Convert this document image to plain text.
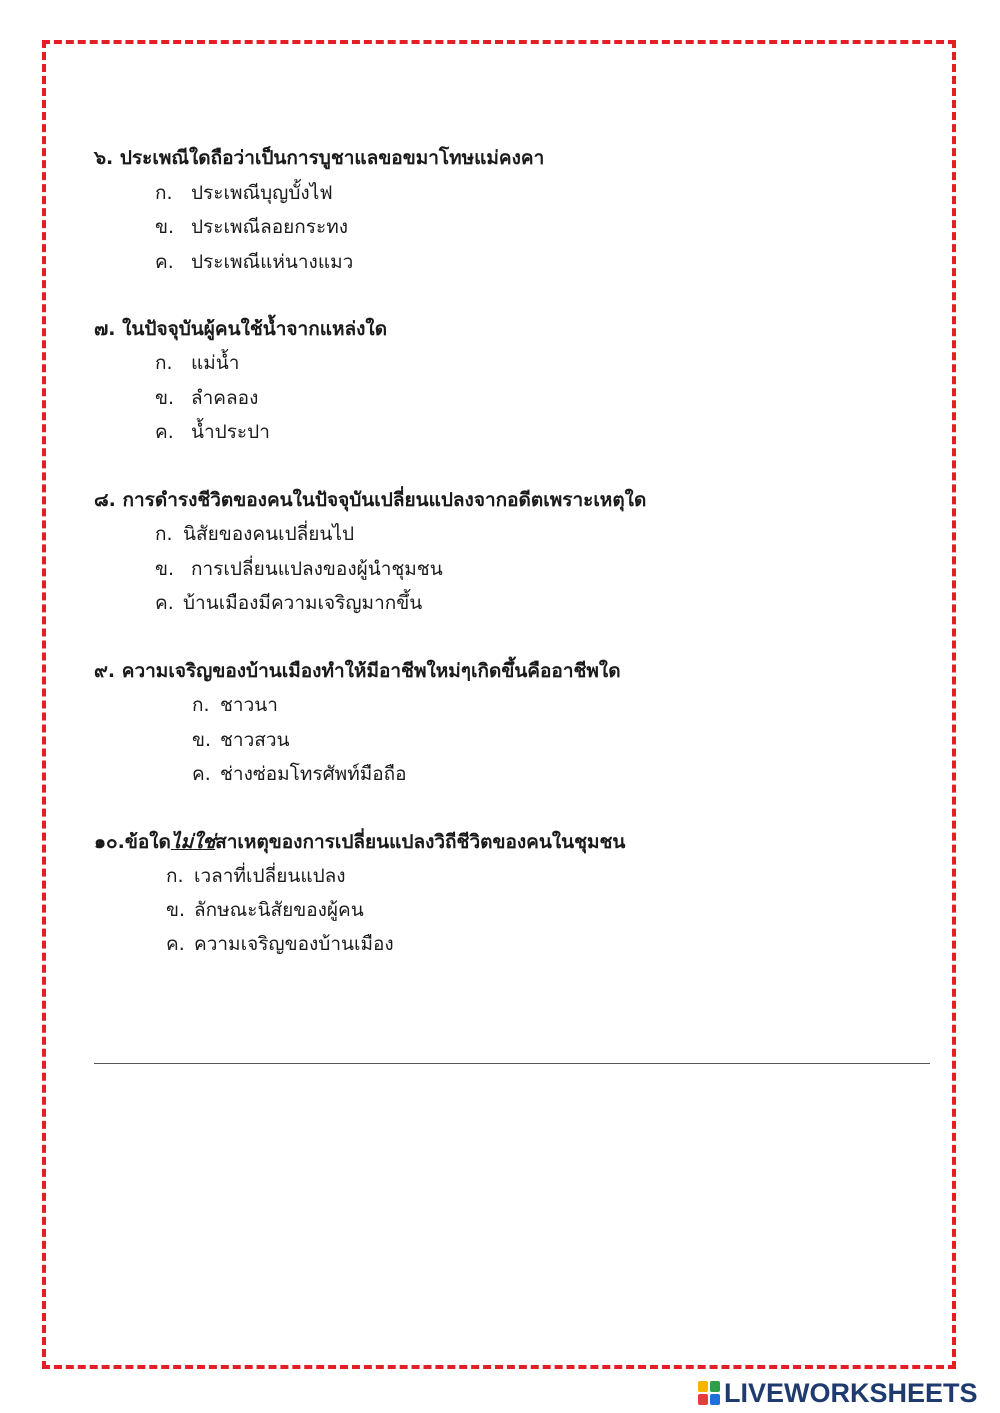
๖. ประเพณีใดถือว่าเป็นการบูชาแลขอขมาโทษแม่คงคา

ก. ประเพณีบุญบั้งไฟ

ข. ประเพณีลอยกระทง

ค. ประเพณีแห่นางแมว

๗. ในปัจจุบันผู้คนใช้น้ำจากแหล่งใด

ก. แม่น้ำ

ข. ลำคลอง

ค. น้ำประปา

๘. การดำรงชีวิตของคนในปัจจุบันเปลี่ยนแปลงจากอดีตเพราะเหตุใด

ก. นิสัยของคนเปลี่ยนไป

ข. การเปลี่ยนแปลงของผู้นำชุมชน

ค. บ้านเมืองมีความเจริญมากขึ้น

๙. ความเจริญของบ้านเมืองทำให้มีอาชีพใหม่ๆเกิดขึ้นคืออาชีพใด

ก. ชาวนา

ข. ชาวสวน

ค. ช่างซ่อมโทรศัพท์มือถือ

๑๐.ข้อใดไม่ใช่สาเหตุของการเปลี่ยนแปลงวิถีชีวิตของคนในชุมชน

ก. เวลาที่เปลี่ยนแปลง

ข. ลักษณะนิสัยของผู้คน

ค. ความเจริญของบ้านเมือง

LIVEWORKSHEETS
